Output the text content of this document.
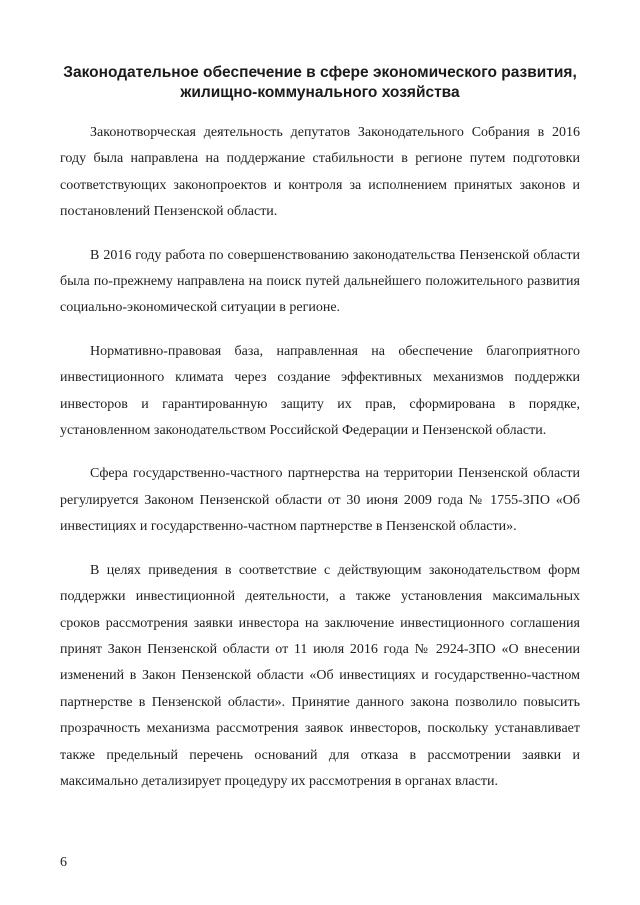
Законодательное обеспечение в сфере экономического развития, жилищно-коммунального хозяйства

Законотворческая деятельность депутатов Законодательного Собрания в 2016 году была направлена на поддержание стабильности в регионе путем подготовки соответствующих законопроектов и контроля за исполнением принятых законов и постановлений Пензенской области.

В 2016 году работа по совершенствованию законодательства Пензенской области была по-прежнему направлена на поиск путей дальнейшего положительного развития социально-экономической ситуации в регионе.

Нормативно-правовая база, направленная на обеспечение благоприятного инвестиционного климата через создание эффективных механизмов поддержки инвесторов и гарантированную защиту их прав, сформирована в порядке, установленном законодательством Российской Федерации и Пензенской области.

Сфера государственно-частного партнерства на территории Пензенской области регулируется Законом Пензенской области от 30 июня 2009 года № 1755-ЗПО «Об инвестициях и государственно-частном партнерстве в Пензенской области».

В целях приведения в соответствие с действующим законодательством форм поддержки инвестиционной деятельности, а также установления максимальных сроков рассмотрения заявки инвестора на заключение инвестиционного соглашения принят Закон Пензенской области от 11 июля 2016 года № 2924-ЗПО «О внесении изменений в Закон Пензенской области «Об инвестициях и государственно-частном партнерстве в Пензенской области». Принятие данного закона позволило повысить прозрачность механизма рассмотрения заявок инвесторов, поскольку устанавливает также предельный перечень оснований для отказа в рассмотрении заявки и максимально детализирует процедуру их рассмотрения в органах власти.

6
